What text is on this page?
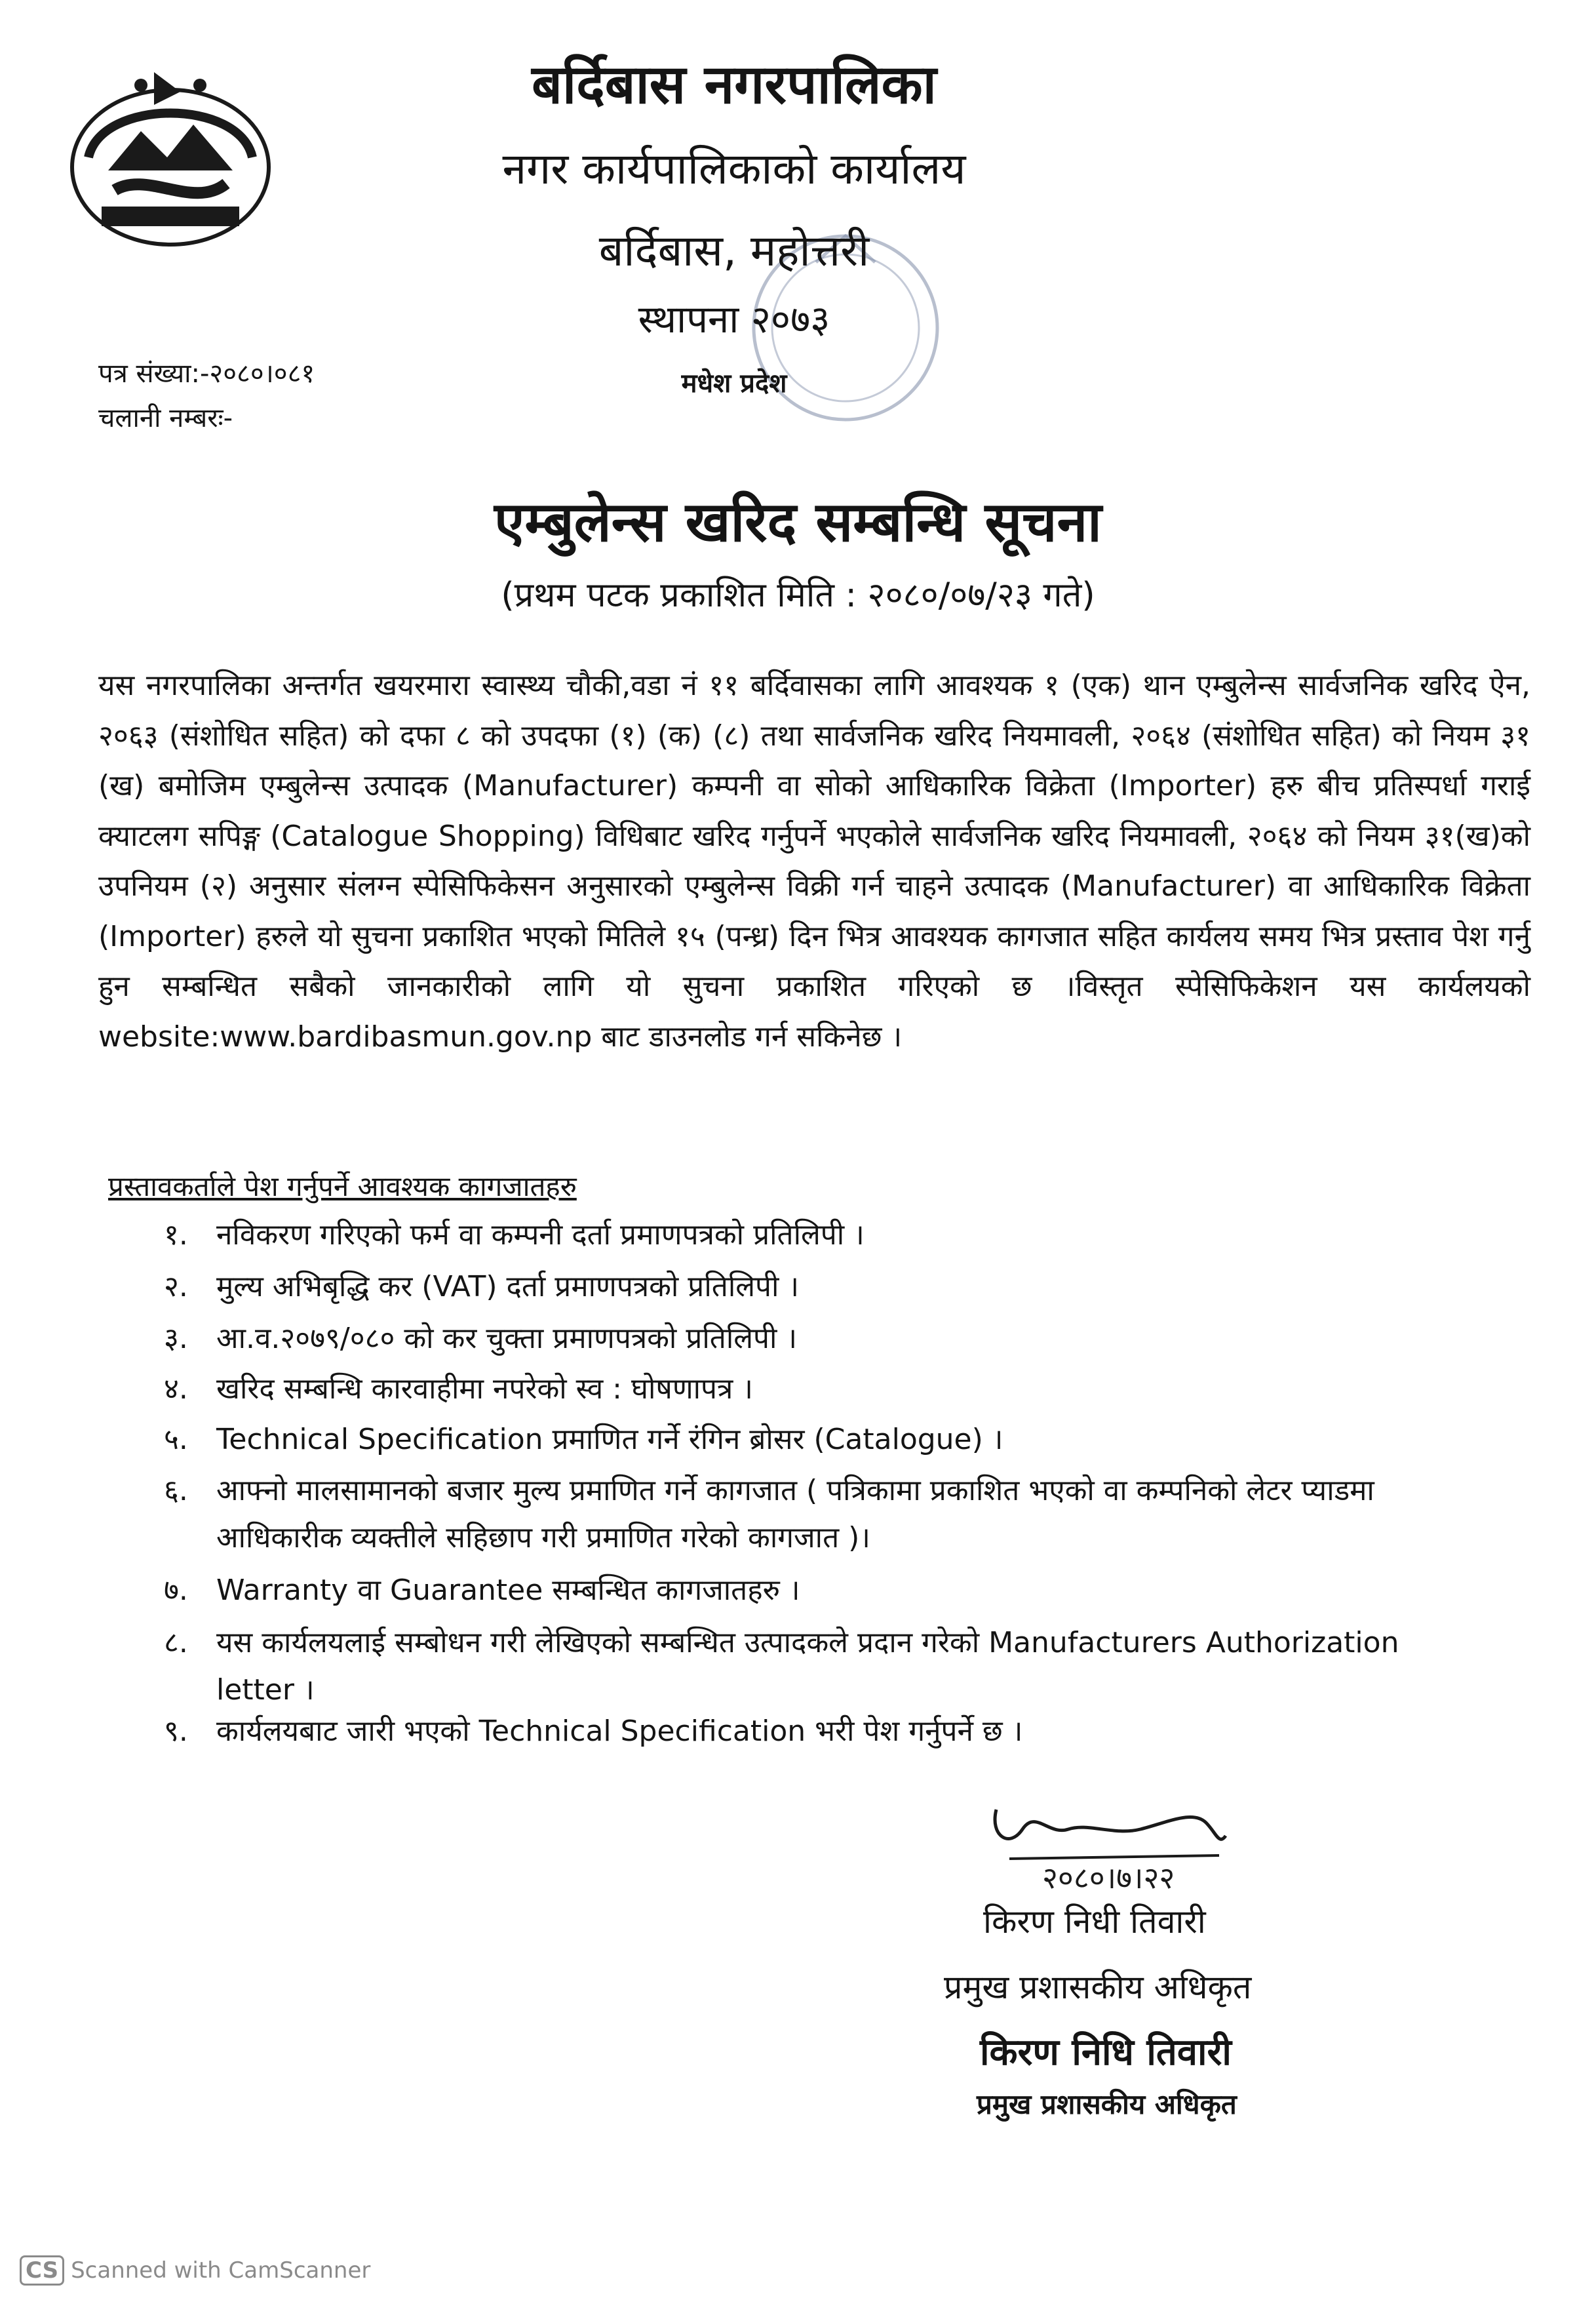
बर्दिबास नगरपालिका
नगर कार्यपालिकाको कार्यालय
बर्दिबास, महोत्तरी
स्थापना २०७३
मधेश प्रदेश
पत्र संख्या:-२०८०।०८१
चलानी नम्बरः-
एम्बुलेन्स खरिद सम्बन्धि सूचना
(प्रथम पटक प्रकाशित मिति : २०८०/०७/२३ गते)
यस नगरपालिका अन्तर्गत खयरमारा स्वास्थ्य चौकी,वडा नं ११ बर्दिवासका लागि आवश्यक १ (एक) थान एम्बुलेन्स सार्वजनिक खरिद ऐन, २०६३ (संशोधित सहित) को दफा ८ को उपदफा (१) (क) (८) तथा सार्वजनिक खरिद नियमावली, २०६४ (संशोधित सहित) को नियम ३१ (ख) बमोजिम एम्बुलेन्स उत्पादक (Manufacturer) कम्पनी वा सोको आधिकारिक विक्रेता (Importer) हरु बीच प्रतिस्पर्धा गराई क्याटलग सपिङ्ग (Catalogue Shopping) विधिबाट खरिद गर्नुपर्ने भएकोले सार्वजनिक खरिद नियमावली, २०६४ को नियम ३१(ख)को उपनियम (२) अनुसार संलग्न स्पेसिफिकेसन अनुसारको एम्बुलेन्स विक्री गर्न चाहने उत्पादक (Manufacturer) वा आधिकारिक विक्रेता (Importer) हरुले यो सुचना प्रकाशित भएको मितिले १५ (पन्ध्र) दिन भित्र आवश्यक कागजात सहित कार्यलय समय भित्र प्रस्ताव पेश गर्नु हुन सम्बन्धित सबैको जानकारीको लागि यो सुचना प्रकाशित गरिएको छ ।विस्तृत स्पेसिफिकेशन यस कार्यलयको website:www.bardibasmun.gov.np बाट डाउनलोड गर्न सकिनेछ ।
प्रस्तावकर्ताले पेश गर्नुपर्ने आवश्यक कागजातहरु
१. नविकरण गरिएको फर्म वा कम्पनी दर्ता प्रमाणपत्रको प्रतिलिपी ।
२. मुल्य अभिबृद्धि कर (VAT) दर्ता प्रमाणपत्रको प्रतिलिपी ।
३. आ.व.२०७९/०८० को कर चुक्ता प्रमाणपत्रको प्रतिलिपी ।
४. खरिद सम्बन्धि कारवाहीमा नपरेको स्व : घोषणापत्र ।
५. Technical Specification प्रमाणित गर्ने रंगिन ब्रोसर (Catalogue) ।
६. आफ्नो मालसामानको बजार मुल्य प्रमाणित गर्ने कागजात ( पत्रिकामा प्रकाशित भएको वा कम्पनिको लेटर प्याडमा आधिकारीक व्यक्तीले सहिछाप गरी प्रमाणित गरेको कागजात )।
७. Warranty वा Guarantee सम्बन्धित कागजातहरु ।
८. यस कार्यलयलाई सम्बोधन गरी लेखिएको सम्बन्धित उत्पादकले प्रदान गरेको Manufacturers Authorization letter ।
९. कार्यलयबाट जारी भएको Technical Specification भरी पेश गर्नुपर्ने छ ।
२०८०।७।२२
किरण निधी तिवारी
प्रमुख प्रशासकीय अधिकृत
किरण निधि तिवारी
प्रमुख प्रशासकीय अधिकृत
CS Scanned with CamScanner
